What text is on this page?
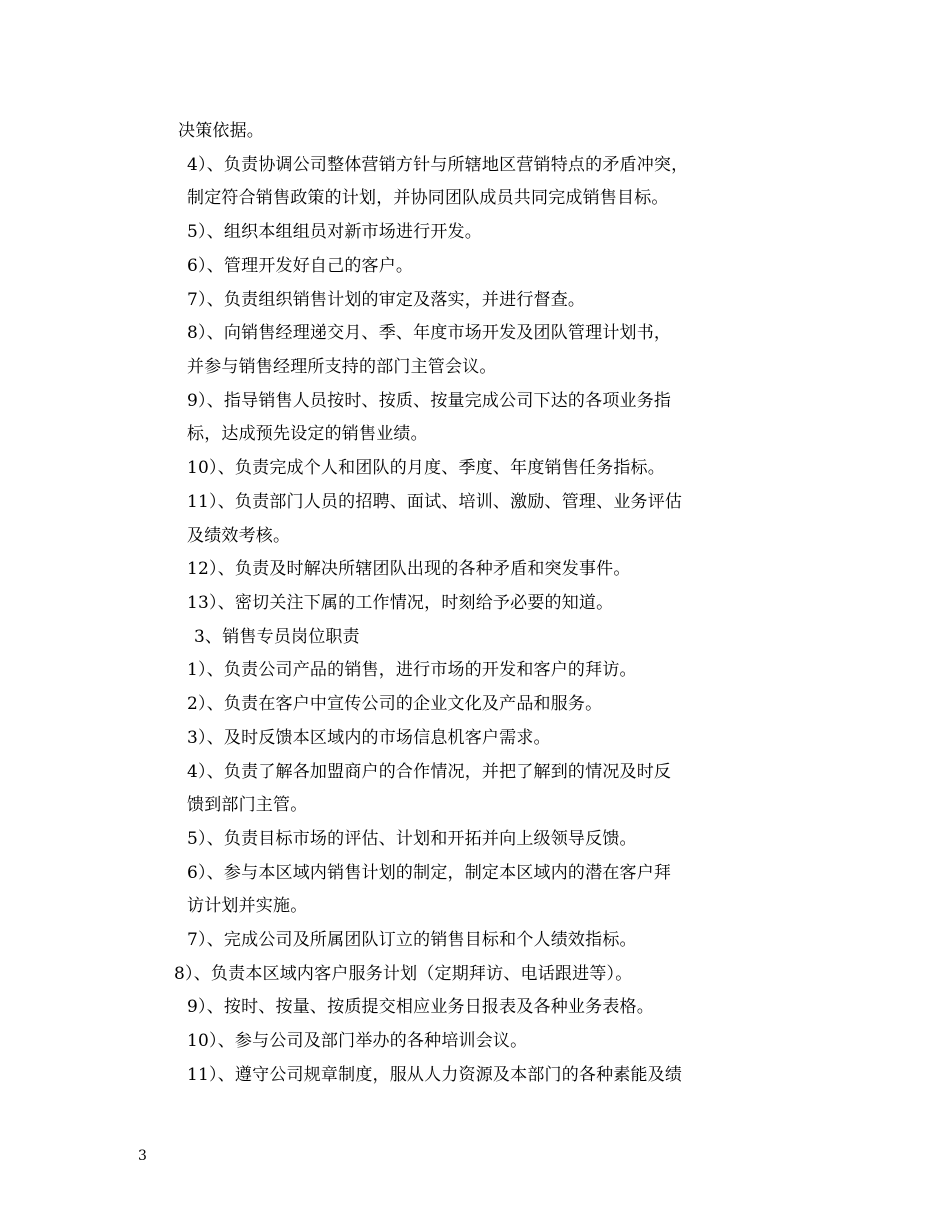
决策依据。
4）、负责协调公司整体营销方针与所辖地区营销特点的矛盾冲突，
制定符合销售政策的计划，并协同团队成员共同完成销售目标。
5）、组织本组组员对新市场进行开发。
6）、管理开发好自己的客户。
7）、负责组织销售计划的审定及落实，并进行督查。
8）、向销售经理递交月、季、年度市场开发及团队管理计划书，
并参与销售经理所支持的部门主管会议。
9）、指导销售人员按时、按质、按量完成公司下达的各项业务指
标，达成预先设定的销售业绩。
10）、负责完成个人和团队的月度、季度、年度销售任务指标。
11）、负责部门人员的招聘、面试、培训、激励、管理、业务评估
及绩效考核。
12）、负责及时解决所辖团队出现的各种矛盾和突发事件。
13）、密切关注下属的工作情况，时刻给予必要的知道。
3、销售专员岗位职责
1）、负责公司产品的销售，进行市场的开发和客户的拜访。
2）、负责在客户中宣传公司的企业文化及产品和服务。
3）、及时反馈本区域内的市场信息机客户需求。
4）、负责了解各加盟商户的合作情况，并把了解到的情况及时反
馈到部门主管。
5）、负责目标市场的评估、计划和开拓并向上级领导反馈。
6）、参与本区域内销售计划的制定，制定本区域内的潜在客户拜
访计划并实施。
7）、完成公司及所属团队订立的销售目标和个人绩效指标。
8）、负责本区域内客户服务计划（定期拜访、电话跟进等）。
9）、按时、按量、按质提交相应业务日报表及各种业务表格。
10）、参与公司及部门举办的各种培训会议。
11）、遵守公司规章制度，服从人力资源及本部门的各种素能及绩
3
